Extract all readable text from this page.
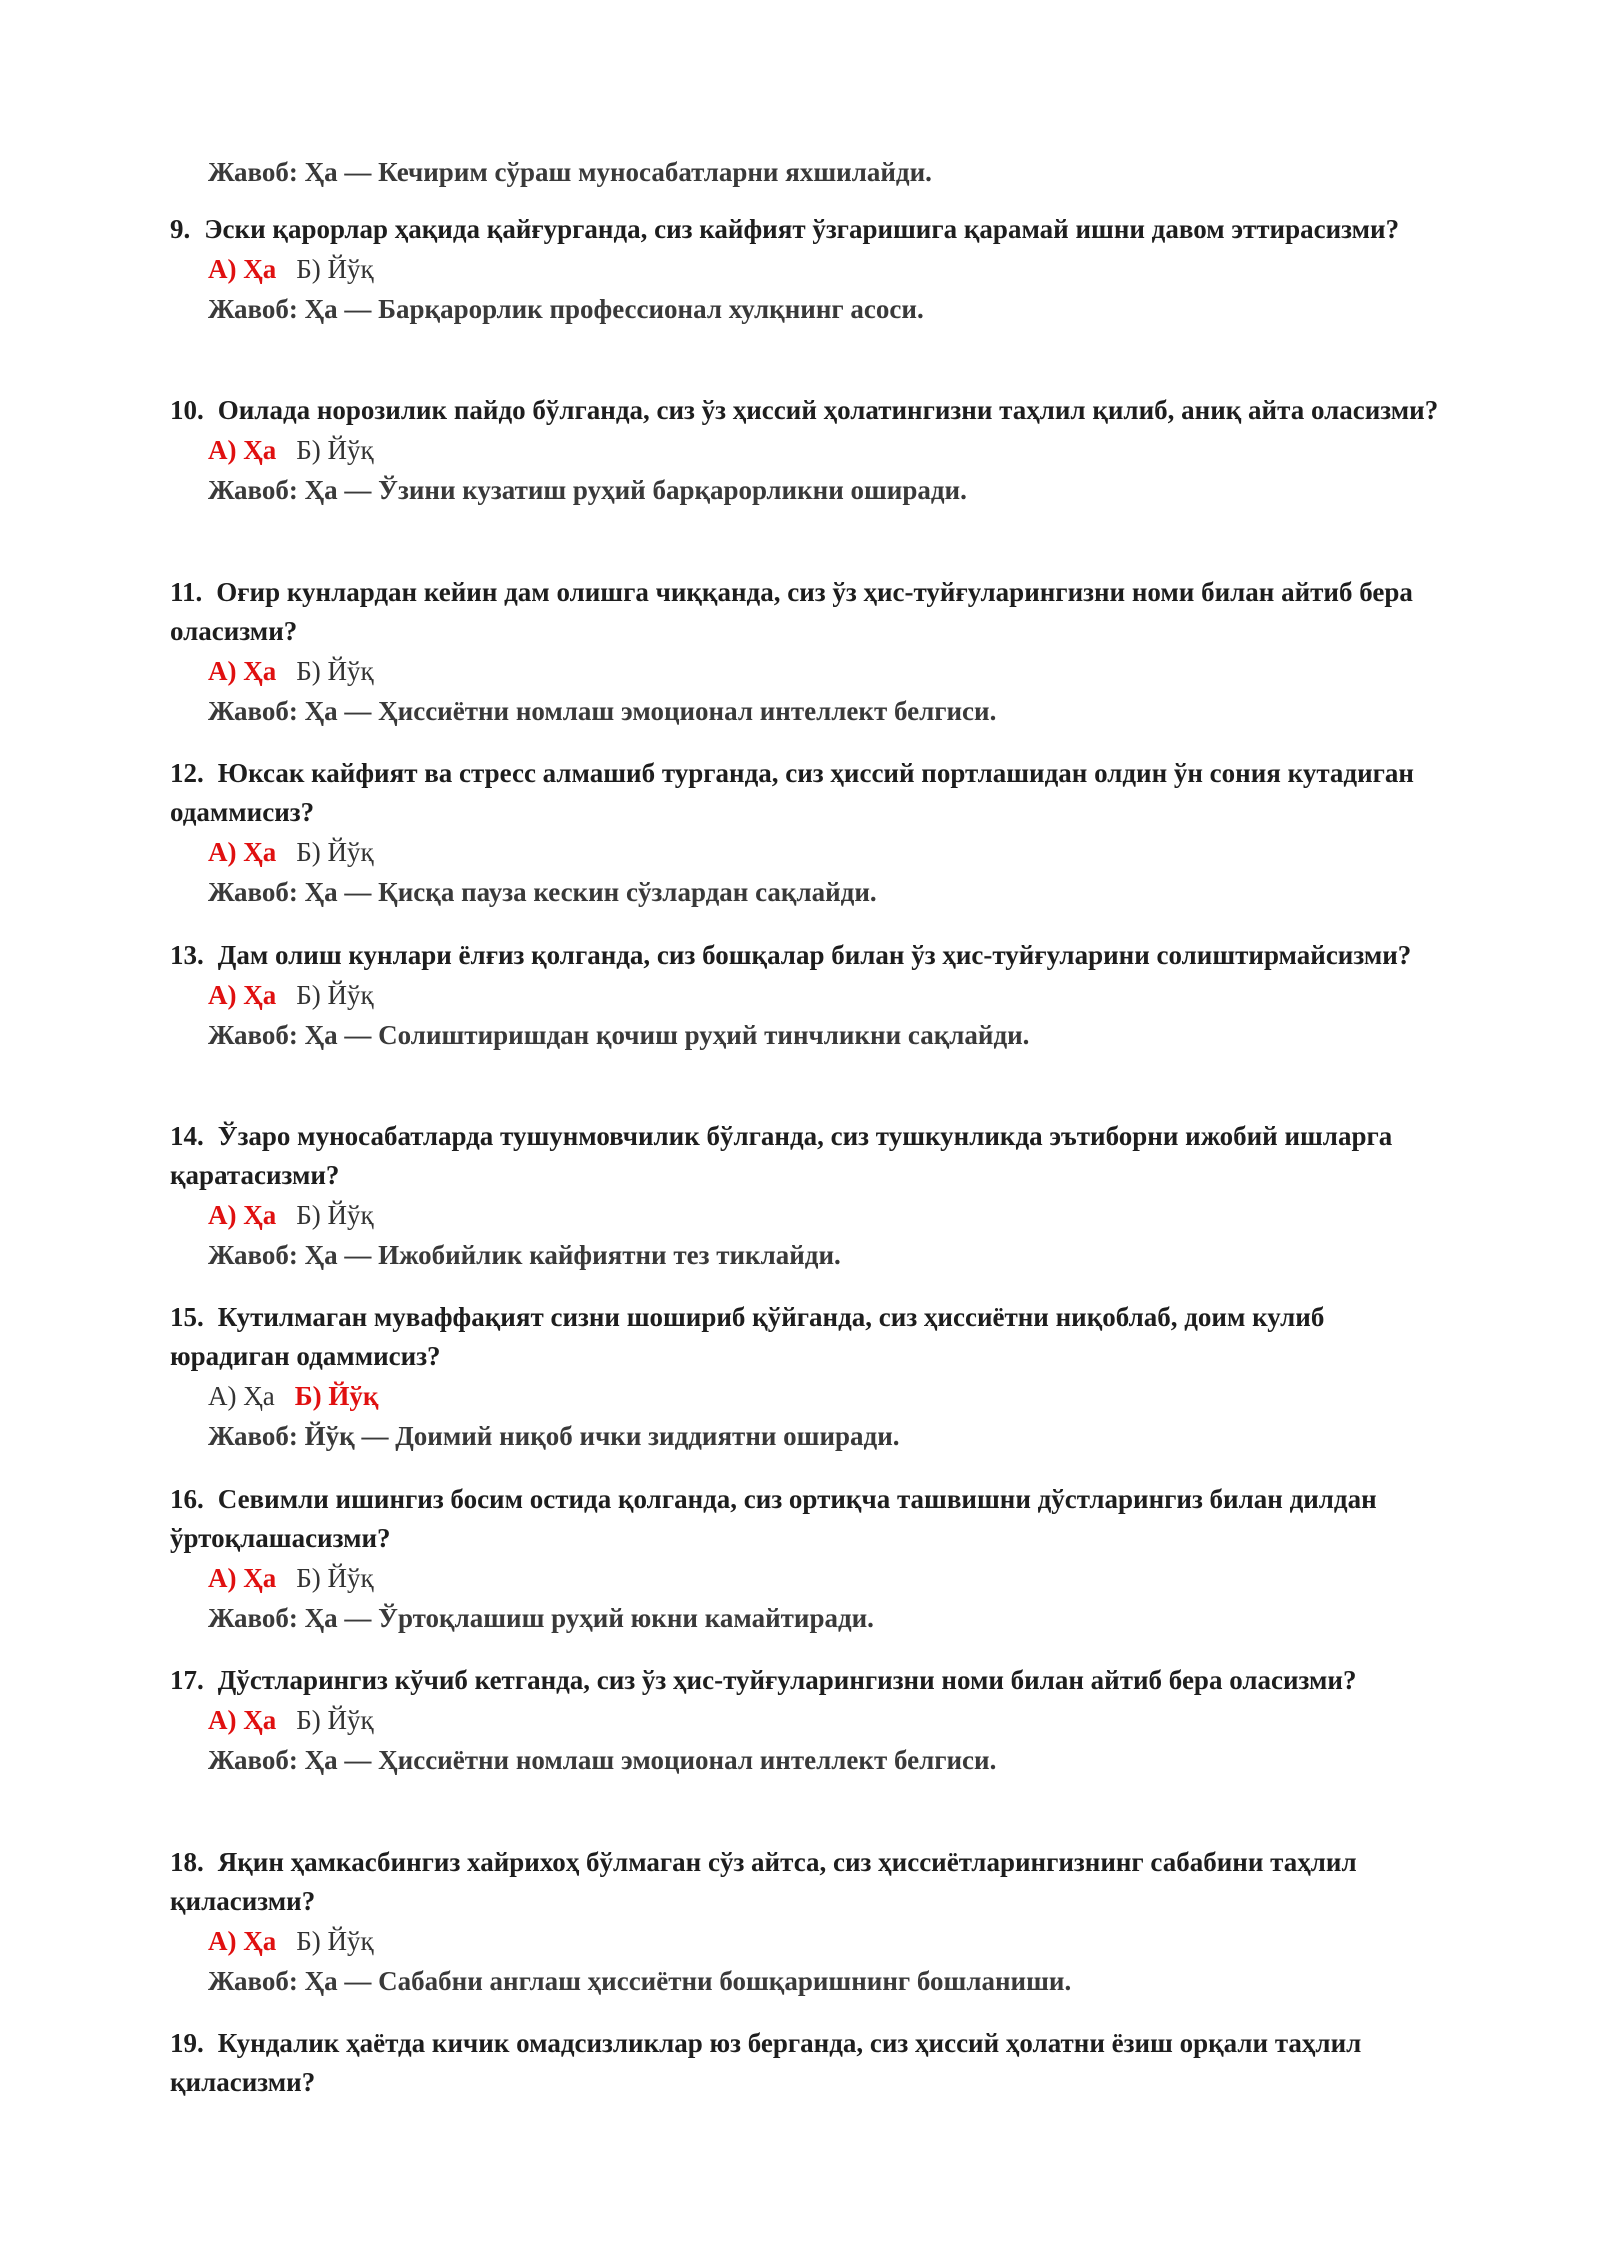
Жавоб: Ҳа — Кечирим сўраш муносабатларни яхшилайди.

9. Эски қарорлар ҳақида қайғурганда, сиз кайфият ўзгаришига қарамай ишни давом эттирасизми?

А) Ҳа Б) Йўқ
Жавоб: Ҳа — Барқарорлик профессионал хулқнинг асоси.

10. Оилада норозилик пайдо бўлганда, сиз ўз ҳиссий ҳолатингизни таҳлил қилиб, аниқ айта оласизми?

А) Ҳа Б) Йўқ
Жавоб: Ҳа — Ўзини кузатиш руҳий барқарорликни оширади.

11. Оғир кунлардан кейин дам олишга чиққанда, сиз ўз ҳис-туйғуларингизни номи билан айтиб бера оласизми?

А) Ҳа Б) Йўқ
Жавоб: Ҳа — Ҳиссиётни номлаш эмоционал интеллект белгиси.

12. Юксак кайфият ва стресс алмашиб турганда, сиз ҳиссий портлашидан олдин ўн сония кутадиган одаммисиз?

А) Ҳа Б) Йўқ
Жавоб: Ҳа — Қисқа пауза кескин сўзлардан сақлайди.

13. Дам олиш кунлари ёлғиз қолганда, сиз бошқалар билан ўз ҳис-туйғуларини солиштирмайсизми?

А) Ҳа Б) Йўқ
Жавоб: Ҳа — Солиштиришдан қочиш руҳий тинчликни сақлайди.

14. Ўзаро муносабатларда тушунмовчилик бўлганда, сиз тушкунликда эътиборни ижобий ишларга қаратасизми?

А) Ҳа Б) Йўқ
Жавоб: Ҳа — Ижобийлик кайфиятни тез тиклайди.

15. Кутилмаган муваффақият сизни шошириб қўйганда, сиз ҳиссиётни ниқоблаб, доим кулиб юрадиган одаммисиз?

А) Ҳа Б) Йўқ
Жавоб: Йўқ — Доимий ниқоб ички зиддиятни оширади.

16. Севимли ишингиз босим остида қолганда, сиз ортиқча ташвишни дўстларингиз билан дилдан ўртоқлашасизми?

А) Ҳа Б) Йўқ
Жавоб: Ҳа — Ўртоқлашиш руҳий юкни камайтиради.

17. Дўстларингиз кўчиб кетганда, сиз ўз ҳис-туйғуларингизни номи билан айтиб бера оласизми?

А) Ҳа Б) Йўқ
Жавоб: Ҳа — Ҳиссиётни номлаш эмоционал интеллект белгиси.

18. Яқин ҳамкасбингиз хайрихоҳ бўлмаган сўз айтса, сиз ҳиссиётларингизнинг сабабини таҳлил қиласизми?

А) Ҳа Б) Йўқ
Жавоб: Ҳа — Сабабни англаш ҳиссиётни бошқаришнинг бошланиши.

19. Кундалик ҳаётда кичик омадсизликлар юз берганда, сиз ҳиссий ҳолатни ёзиш орқали таҳлил қиласизми?
